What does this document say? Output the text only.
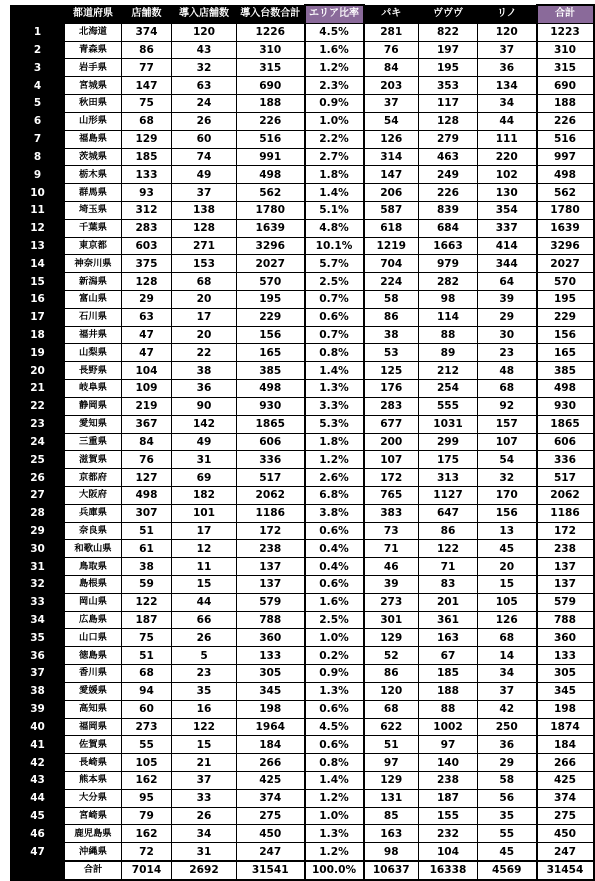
	都道府県	店舗数	導入店舗数	導入台数合計	エリア比率	パキ	ヴヴヴ	リノ	合計
1	北海道	374	120	1226	4.5%	281	822	120	1223
2	青森県	86	43	310	1.6%	76	197	37	310
3	岩手県	77	32	315	1.2%	84	195	36	315
4	宮城県	147	63	690	2.3%	203	353	134	690
5	秋田県	75	24	188	0.9%	37	117	34	188
6	山形県	68	26	226	1.0%	54	128	44	226
7	福島県	129	60	516	2.2%	126	279	111	516
8	茨城県	185	74	991	2.7%	314	463	220	997
9	栃木県	133	49	498	1.8%	147	249	102	498
10	群馬県	93	37	562	1.4%	206	226	130	562
11	埼玉県	312	138	1780	5.1%	587	839	354	1780
12	千葉県	283	128	1639	4.8%	618	684	337	1639
13	東京都	603	271	3296	10.1%	1219	1663	414	3296
14	神奈川県	375	153	2027	5.7%	704	979	344	2027
15	新潟県	128	68	570	2.5%	224	282	64	570
16	富山県	29	20	195	0.7%	58	98	39	195
17	石川県	63	17	229	0.6%	86	114	29	229
18	福井県	47	20	156	0.7%	38	88	30	156
19	山梨県	47	22	165	0.8%	53	89	23	165
20	長野県	104	38	385	1.4%	125	212	48	385
21	岐阜県	109	36	498	1.3%	176	254	68	498
22	静岡県	219	90	930	3.3%	283	555	92	930
23	愛知県	367	142	1865	5.3%	677	1031	157	1865
24	三重県	84	49	606	1.8%	200	299	107	606
25	滋賀県	76	31	336	1.2%	107	175	54	336
26	京都府	127	69	517	2.6%	172	313	32	517
27	大阪府	498	182	2062	6.8%	765	1127	170	2062
28	兵庫県	307	101	1186	3.8%	383	647	156	1186
29	奈良県	51	17	172	0.6%	73	86	13	172
30	和歌山県	61	12	238	0.4%	71	122	45	238
31	鳥取県	38	11	137	0.4%	46	71	20	137
32	島根県	59	15	137	0.6%	39	83	15	137
33	岡山県	122	44	579	1.6%	273	201	105	579
34	広島県	187	66	788	2.5%	301	361	126	788
35	山口県	75	26	360	1.0%	129	163	68	360
36	徳島県	51	5	133	0.2%	52	67	14	133
37	香川県	68	23	305	0.9%	86	185	34	305
38	愛媛県	94	35	345	1.3%	120	188	37	345
39	高知県	60	16	198	0.6%	68	88	42	198
40	福岡県	273	122	1964	4.5%	622	1002	250	1874
41	佐賀県	55	15	184	0.6%	51	97	36	184
42	長崎県	105	21	266	0.8%	97	140	29	266
43	熊本県	162	37	425	1.4%	129	238	58	425
44	大分県	95	33	374	1.2%	131	187	56	374
45	宮崎県	79	26	275	1.0%	85	155	35	275
46	鹿児島県	162	34	450	1.3%	163	232	55	450
47	沖縄県	72	31	247	1.2%	98	104	45	247
	合計	7014	2692	31541	100.0%	10637	16338	4569	31454
